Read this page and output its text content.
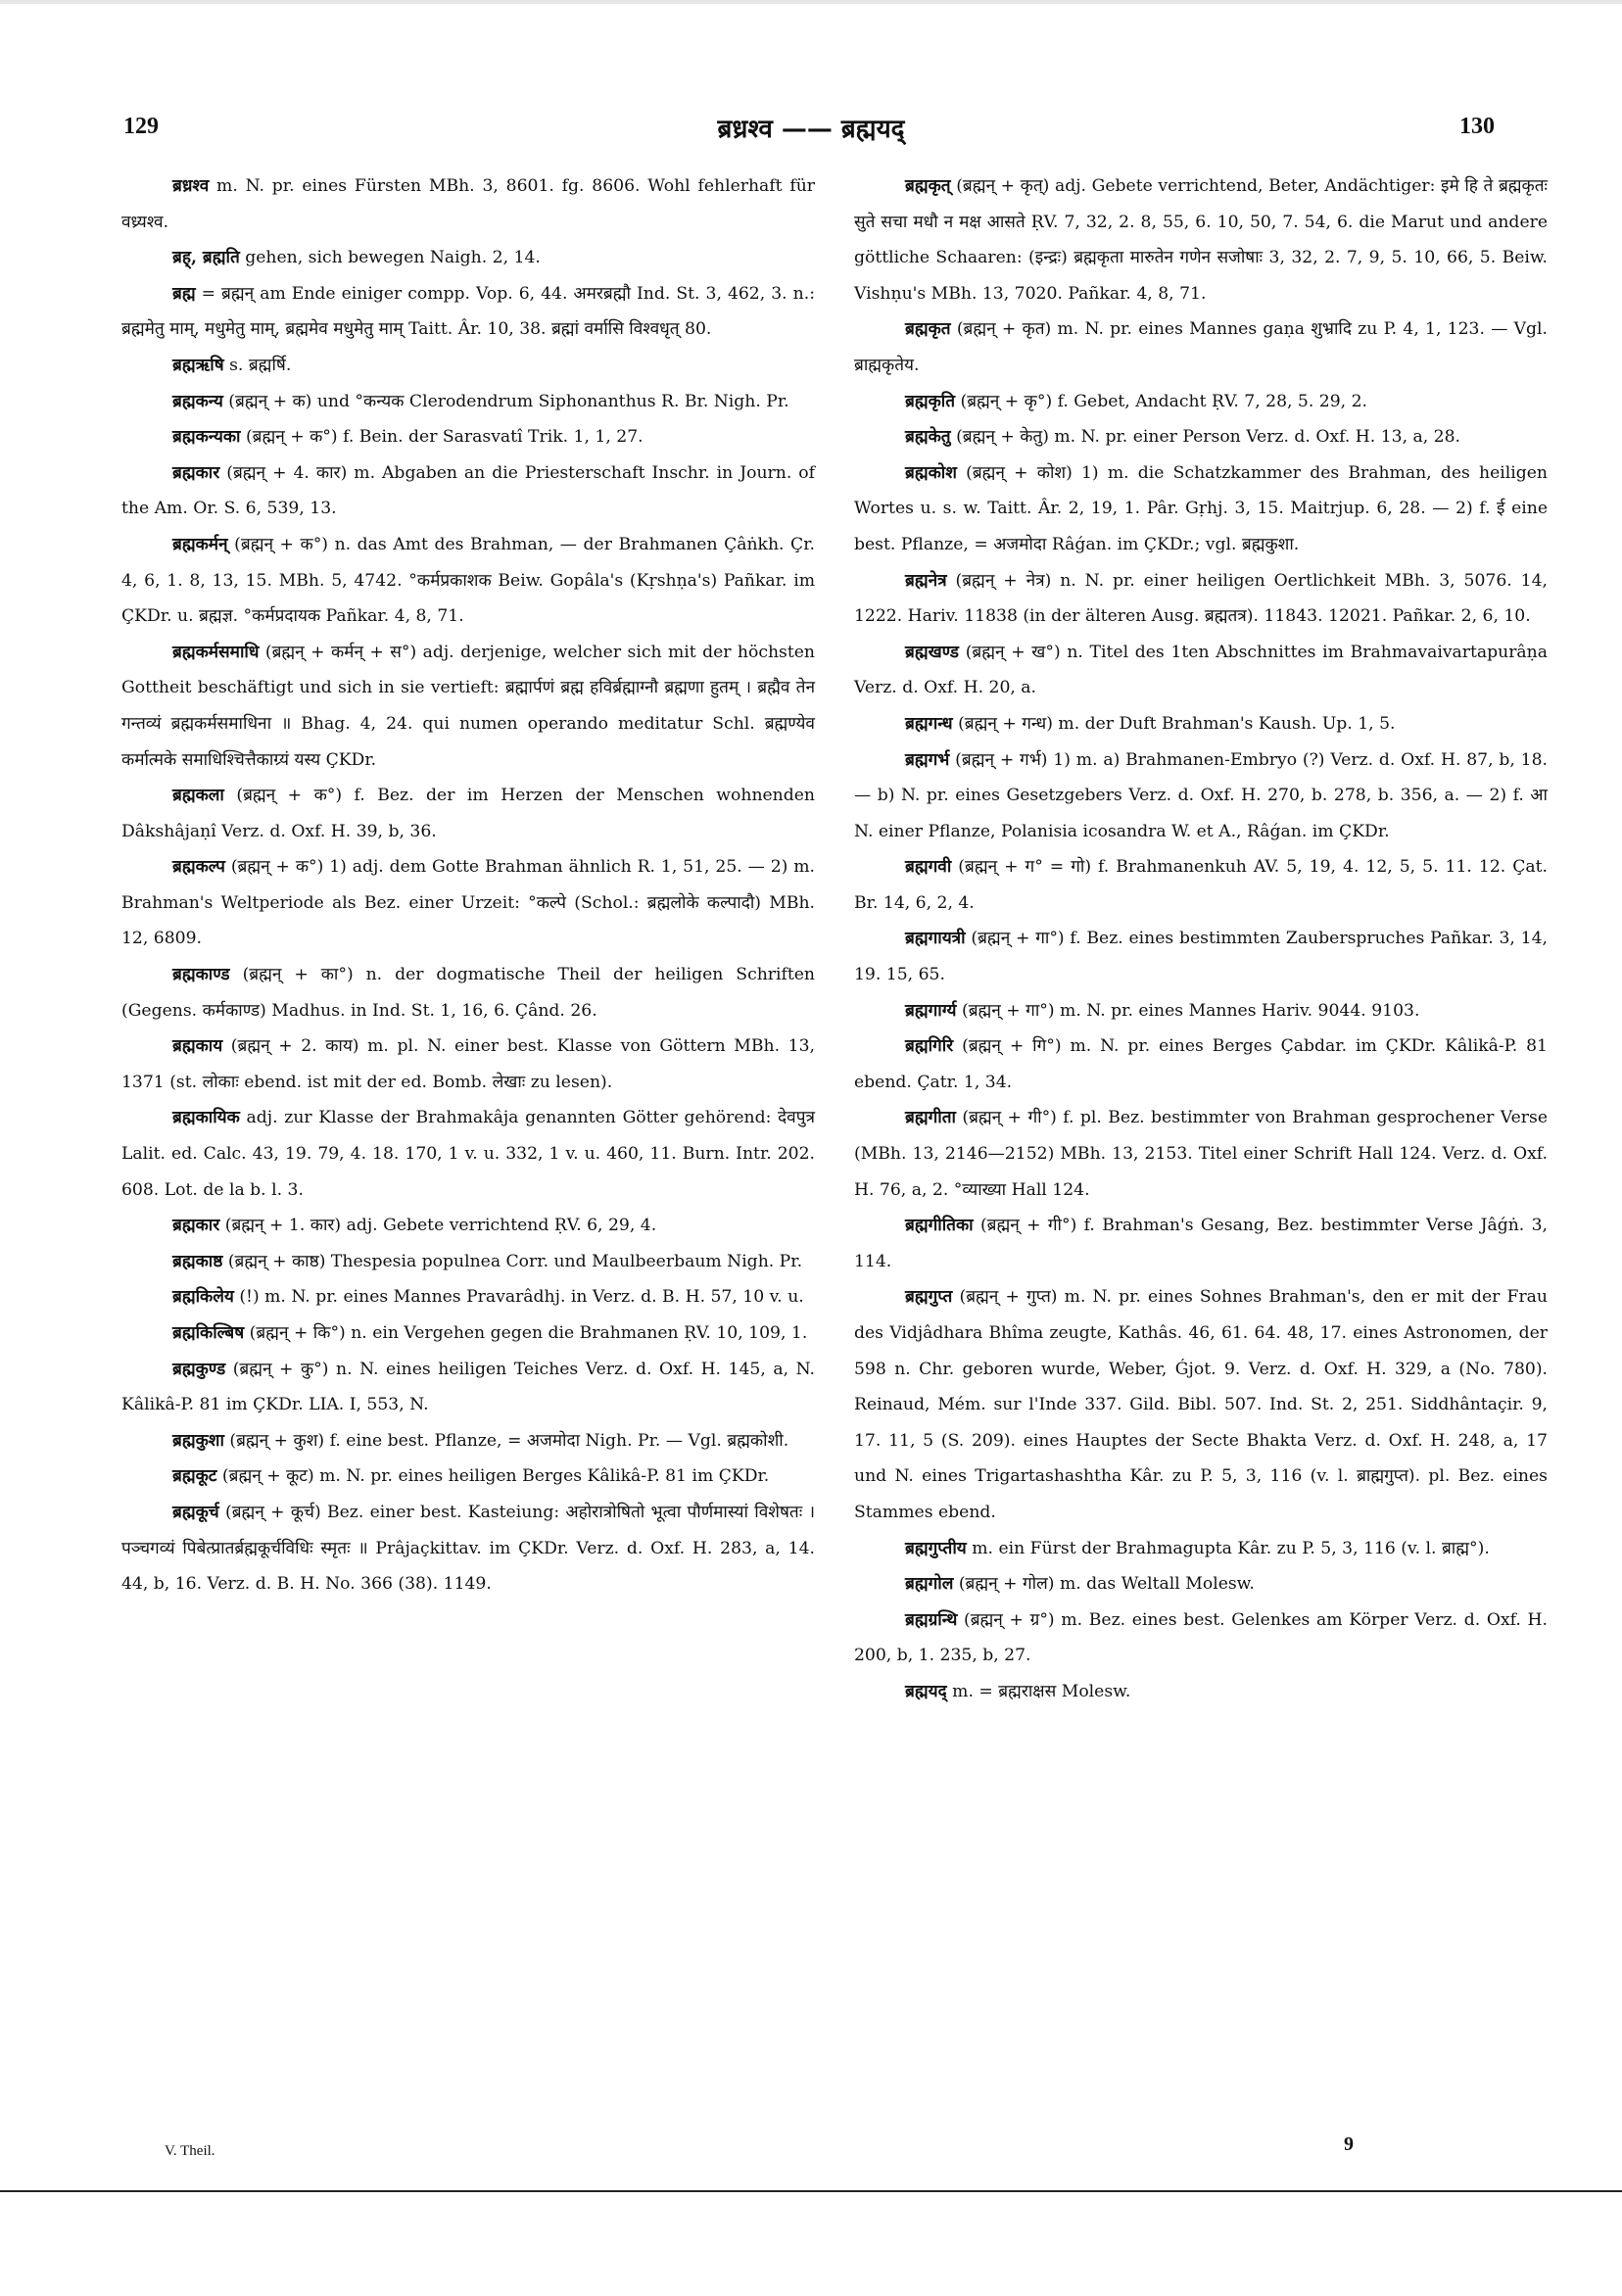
129	ब्रध्रश्व —— ब्रह्मयद्	130

ब्रध्रश्व m. N. pr. eines Fürsten MBh. 3, 8601. fg. 8606. Wohl fehlerhaft für वध्र्यश्व.

ब्रह्, ब्रह्मति gehen, sich bewegen Naigh. 2, 14.

ब्रह्म = ब्रह्मन् am Ende einiger compp. Vop. 6, 44. अमरब्रह्मौ Ind. St. 3, 462, 3. n.: ब्रह्ममेतु माम्, मधुमेतु माम्, ब्रह्ममेव मधुमेतु माम् Taitt. Âr. 10, 38. ब्रह्मां वर्मासि विश्वधृत् 80.

ब्रह्मऋषि s. ब्रह्मर्षि.

ब्रह्मकन्य (ब्रह्मन् + क) und °कन्यक Clerodendrum Siphonanthus R. Br. Nigh. Pr.

ब्रह्मकन्यका (ब्रह्मन् + क°) f. Bein. der Sarasvatî Trik. 1, 1, 27.

ब्रह्मकार (ब्रह्मन् + 4. कार) m. Abgaben an die Priesterschaft Inschr. in Journ. of the Am. Or. S. 6, 539, 13.

ब्रह्मकर्मन् (ब्रह्मन् + क°) n. das Amt des Brahman, — der Brahmanen Çâṅkh. Çr. 4, 6, 1. 8, 13, 15. MBh. 5, 4742. °कर्मप्रकाशक Beiw. Gopâla's (Kṛshṇa's) Pañkar. im ÇKDr. u. ब्रह्मज्ञ. °कर्मप्रदायक Pañkar. 4, 8, 71.

ब्रह्मकर्मसमाधि (ब्रह्मन् + कर्मन् + स°) adj. derjenige, welcher sich mit der höchsten Gottheit beschäftigt und sich in sie vertieft: ब्रह्मार्पणं ब्रह्म हविर्ब्रह्माग्नौ ब्रह्मणा हुतम् । ब्रह्मैव तेन गन्तव्यं ब्रह्मकर्मसमाधिना ॥ Bhag. 4, 24. qui numen operando meditatur Schl. ब्रह्मण्येव कर्मात्मके समाधिश्चित्तैकाग्र्यं यस्य ÇKDr.

ब्रह्मकला (ब्रह्मन् + क°) f. Bez. der im Herzen der Menschen wohnenden Dâkshâjaṇî Verz. d. Oxf. H. 39, b, 36.

ब्रह्मकल्प (ब्रह्मन् + क°) 1) adj. dem Gotte Brahman ähnlich R. 1, 51, 25. — 2) m. Brahman's Weltperiode als Bez. einer Urzeit: °कल्पे (Schol.: ब्रह्मलोके कल्पादौ) MBh. 12, 6809.

ब्रह्मकाण्ड (ब्रह्मन् + का°) n. der dogmatische Theil der heiligen Schriften (Gegens. कर्मकाण्ड) Madhus. in Ind. St. 1, 16, 6. Çând. 26.

ब्रह्मकाय (ब्रह्मन् + 2. काय) m. pl. N. einer best. Klasse von Göttern MBh. 13, 1371 (st. लोकाः ebend. ist mit der ed. Bomb. लेखाः zu lesen).

ब्रह्मकायिक adj. zur Klasse der Brahmakâja genannten Götter gehörend: देवपुत्र Lalit. ed. Calc. 43, 19. 79, 4. 18. 170, 1 v. u. 332, 1 v. u. 460, 11. Burn. Intr. 202. 608. Lot. de la b. l. 3.

ब्रह्मकार (ब्रह्मन् + 1. कार) adj. Gebete verrichtend ṚV. 6, 29, 4.

ब्रह्मकाष्ठ (ब्रह्मन् + काष्ठ) Thespesia populnea Corr. und Maulbeerbaum Nigh. Pr.

ब्रह्मकिलेय (!) m. N. pr. eines Mannes Pravarâdhj. in Verz. d. B. H. 57, 10 v. u.

ब्रह्मकिल्बिष (ब्रह्मन् + कि°) n. ein Vergehen gegen die Brahmanen ṚV. 10, 109, 1.

ब्रह्मकुण्ड (ब्रह्मन् + कु°) n. N. eines heiligen Teiches Verz. d. Oxf. H. 145, a, N. Kâlikâ-P. 81 im ÇKDr. LIA. I, 553, N.

ब्रह्मकुशा (ब्रह्मन् + कुश) f. eine best. Pflanze, = अजमोदा Nigh. Pr. — Vgl. ब्रह्मकोशी.

ब्रह्मकूट (ब्रह्मन् + कूट) m. N. pr. eines heiligen Berges Kâlikâ-P. 81 im ÇKDr.

ब्रह्मकूर्च (ब्रह्मन् + कूर्च) Bez. einer best. Kasteiung: अहोरात्रोषितो भूत्वा पौर्णमास्यां विशेषतः । पञ्चगव्यं पिबेत्प्रातर्ब्रह्मकूर्चविधिः स्मृतः ॥ Prâjaçkittav. im ÇKDr. Verz. d. Oxf. H. 283, a, 14. 44, b, 16. Verz. d. B. H. No. 366 (38). 1149.

ब्रह्मकृत् (ब्रह्मन् + कृत्) adj. Gebete verrichtend, Beter, Andächtiger: इमे हि ते ब्रह्मकृतः सुते सचा मधौ न मक्ष आसते ṚV. 7, 32, 2. 8, 55, 6. 10, 50, 7. 54, 6. die Marut und andere göttliche Schaaren: (इन्द्रः) ब्रह्मकृता मारुतेन गणेन सजोषाः 3, 32, 2. 7, 9, 5. 10, 66, 5. Beiw. Vishṇu's MBh. 13, 7020. Pañkar. 4, 8, 71.

ब्रह्मकृत (ब्रह्मन् + कृत) m. N. pr. eines Mannes gaṇa शुभ्रादि zu P. 4, 1, 123. — Vgl. ब्राह्मकृतेय.

ब्रह्मकृति (ब्रह्मन् + कृ°) f. Gebet, Andacht ṚV. 7, 28, 5. 29, 2.

ब्रह्मकेतु (ब्रह्मन् + केतु) m. N. pr. einer Person Verz. d. Oxf. H. 13, a, 28.

ब्रह्मकोश (ब्रह्मन् + कोश) 1) m. die Schatzkammer des Brahman, des heiligen Wortes u. s. w. Taitt. Âr. 2, 19, 1. Pâr. Gṛhj. 3, 15. Maitrjup. 6, 28. — 2) f. ई eine best. Pflanze, = अजमोदा Râǵan. im ÇKDr.; vgl. ब्रह्मकुशा.

ब्रह्मनेत्र (ब्रह्मन् + नेत्र) n. N. pr. einer heiligen Oertlichkeit MBh. 3, 5076. 14, 1222. Hariv. 11838 (in der älteren Ausg. ब्रह्मतत्र). 11843. 12021. Pañkar. 2, 6, 10.

ब्रह्मखण्ड (ब्रह्मन् + ख°) n. Titel des 1ten Abschnittes im Brahmavaivartapurâṇa Verz. d. Oxf. H. 20, a.

ब्रह्मगन्ध (ब्रह्मन् + गन्ध) m. der Duft Brahman's Kaush. Up. 1, 5.

ब्रह्मगर्भ (ब्रह्मन् + गर्भ) 1) m. a) Brahmanen-Embryo (?) Verz. d. Oxf. H. 87, b, 18. — b) N. pr. eines Gesetzgebers Verz. d. Oxf. H. 270, b. 278, b. 356, a. — 2) f. आ N. einer Pflanze, Polanisia icosandra W. et A., Râǵan. im ÇKDr.

ब्रह्मगवी (ब्रह्मन् + ग° = गो) f. Brahmanenkuh AV. 5, 19, 4. 12, 5, 5. 11. 12. Çat. Br. 14, 6, 2, 4.

ब्रह्मगायत्री (ब्रह्मन् + गा°) f. Bez. eines bestimmten Zauberspruches Pañkar. 3, 14, 19. 15, 65.

ब्रह्मगार्ग्य (ब्रह्मन् + गा°) m. N. pr. eines Mannes Hariv. 9044. 9103.

ब्रह्मगिरि (ब्रह्मन् + गि°) m. N. pr. eines Berges Çabdar. im ÇKDr. Kâlikâ-P. 81 ebend. Çatr. 1, 34.

ब्रह्मगीता (ब्रह्मन् + गी°) f. pl. Bez. bestimmter von Brahman gesprochener Verse (MBh. 13, 2146—2152) MBh. 13, 2153. Titel einer Schrift Hall 124. Verz. d. Oxf. H. 76, a, 2. °व्याख्या Hall 124.

ब्रह्मगीतिका (ब्रह्मन् + गी°) f. Brahman's Gesang, Bez. bestimmter Verse Jâǵṅ. 3, 114.

ब्रह्मगुप्त (ब्रह्मन् + गुप्त) m. N. pr. eines Sohnes Brahman's, den er mit der Frau des Vidjâdhara Bhîma zeugte, Kathâs. 46, 61. 64. 48, 17. eines Astronomen, der 598 n. Chr. geboren wurde, Weber, Ǵjot. 9. Verz. d. Oxf. H. 329, a (No. 780). Reinaud, Mém. sur l'Inde 337. Gild. Bibl. 507. Ind. St. 2, 251. Siddhântaçir. 9, 17. 11, 5 (S. 209). eines Hauptes der Secte Bhakta Verz. d. Oxf. H. 248, a, 17 und N. eines Trigartashashtha Kâr. zu P. 5, 3, 116 (v. l. ब्राह्मगुप्त). pl. Bez. eines Stammes ebend.

ब्रह्मगुप्तीय m. ein Fürst der Brahmagupta Kâr. zu P. 5, 3, 116 (v. l. ब्राह्म°).

ब्रह्मगोल (ब्रह्मन् + गोल) m. das Weltall Molesw.

ब्रह्मग्रन्थि (ब्रह्मन् + ग्र°) m. Bez. eines best. Gelenkes am Körper Verz. d. Oxf. H. 200, b, 1. 235, b, 27.

ब्रह्मयद् m. = ब्रह्मराक्षस Molesw.

V. Theil.	9
